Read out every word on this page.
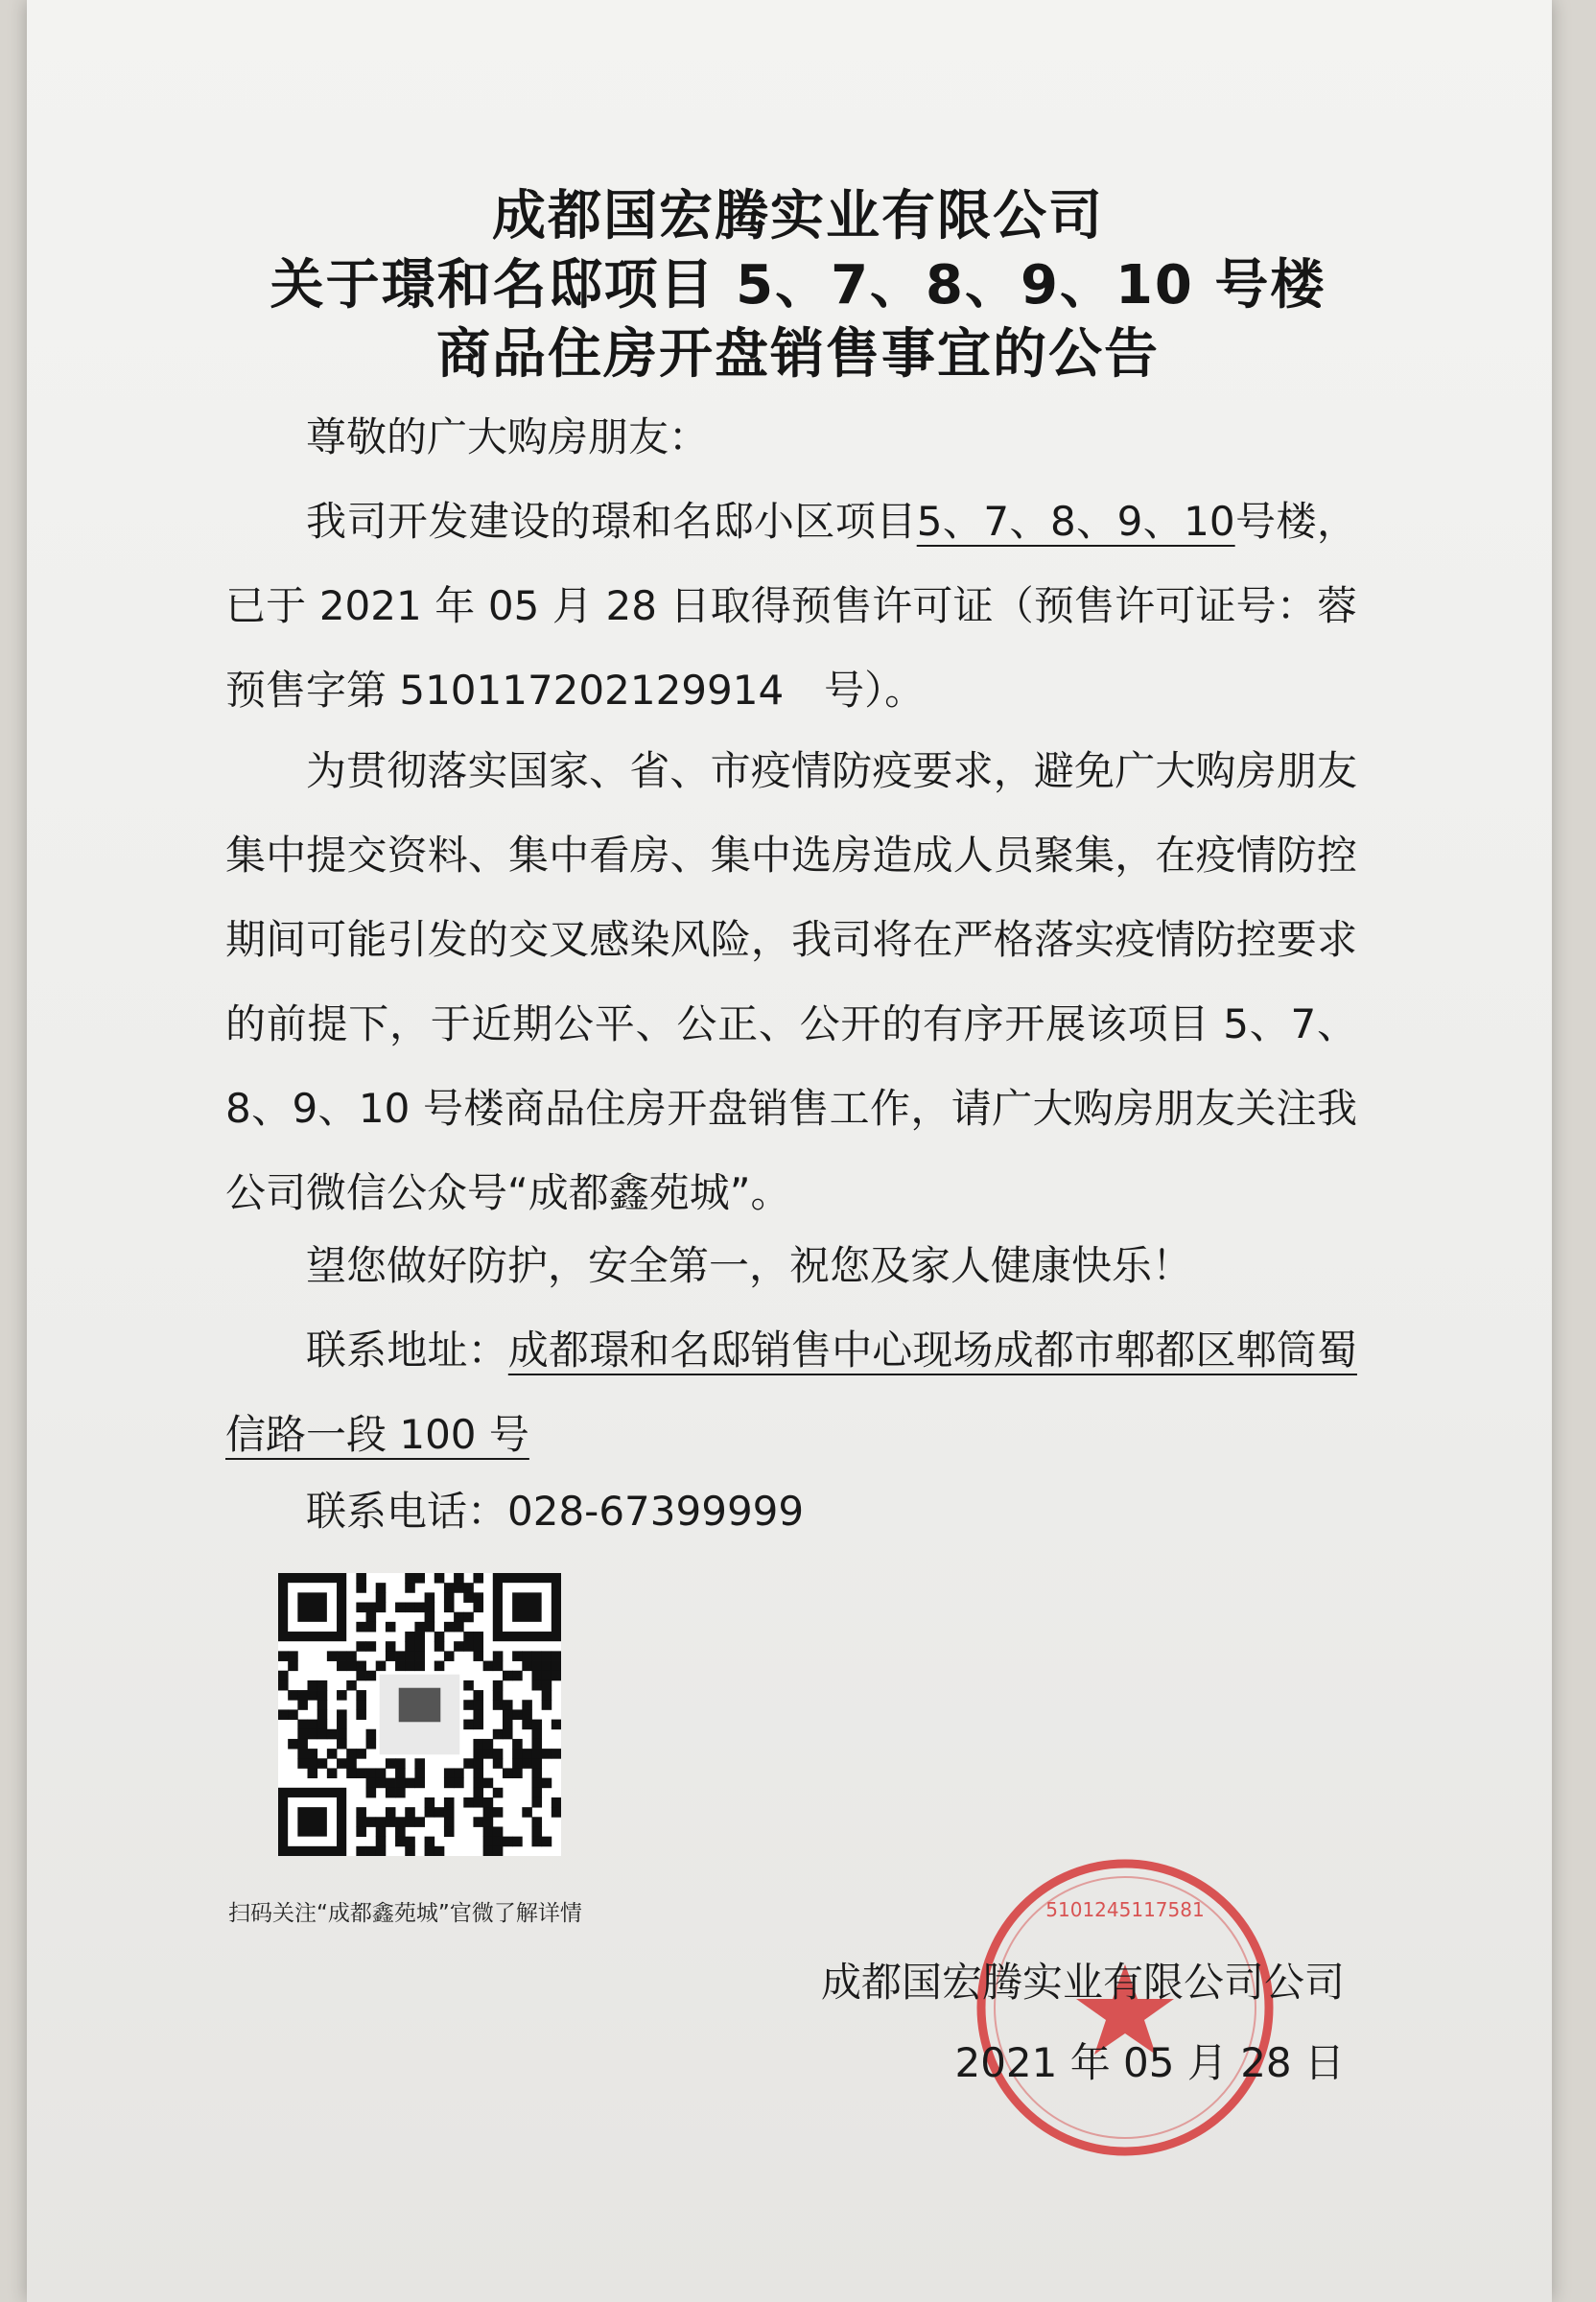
成都国宏腾实业有限公司
关于璟和名邸项目 5、7、8、9、10 号楼
商品住房开盘销售事宜的公告

尊敬的广大购房朋友：

我司开发建设的璟和名邸小区项目5、7、8、9、10号楼，已于 2021 年 05 月 28 日取得预售许可证（预售许可证号：蓉预售字第 510117202129914　号）。

为贯彻落实国家、省、市疫情防疫要求，避免广大购房朋友集中提交资料、集中看房、集中选房造成人员聚集，在疫情防控期间可能引发的交叉感染风险，我司将在严格落实疫情防控要求的前提下，于近期公平、公正、公开的有序开展该项目 5、7、8、9、10 号楼商品住房开盘销售工作，请广大购房朋友关注我公司微信公众号“成都鑫苑城”。

望您做好防护，安全第一，祝您及家人健康快乐！

联系地址：成都璟和名邸销售中心现场成都市郫都区郫筒蜀信路一段 100 号

联系电话：028-67399999

扫码关注“成都鑫苑城”官微了解详情	5101245117581
成都国宏腾实业有限公司公司
2021 年 05 月 28 日
